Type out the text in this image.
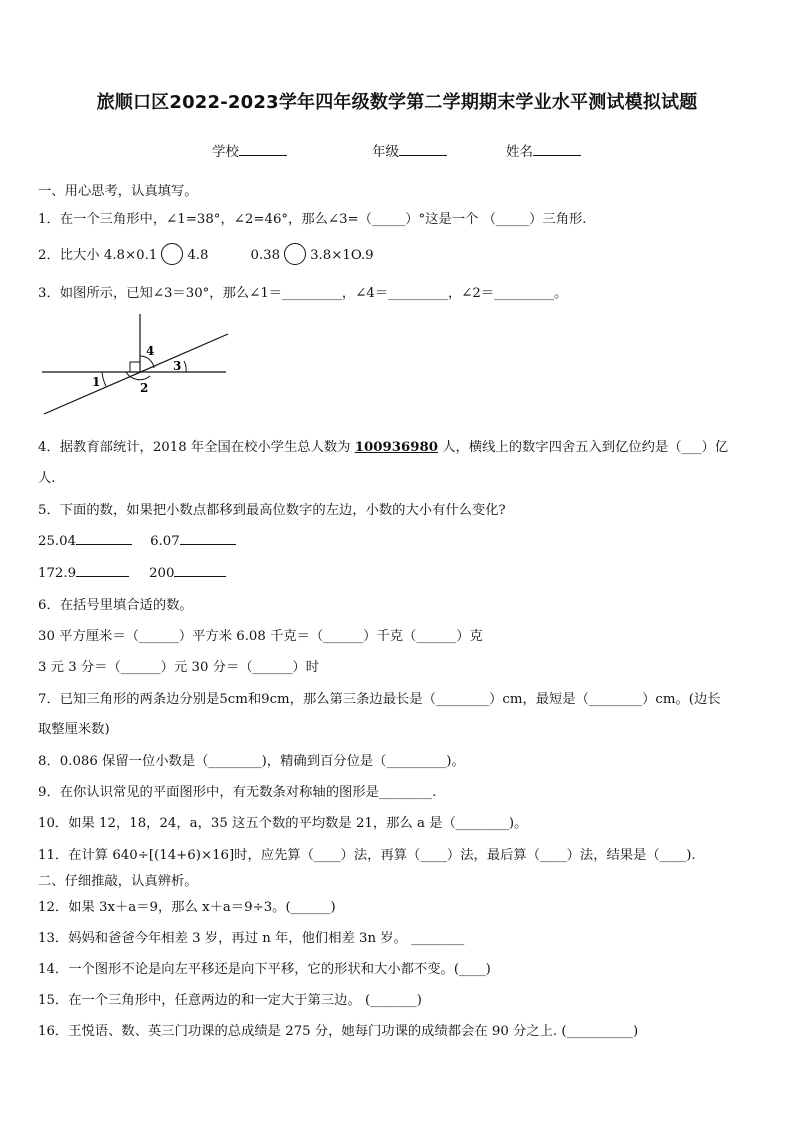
旅顺口区2022-2023学年四年级数学第二学期期末学业水平测试模拟试题
学校	年级	姓名
一、用心思考，认真填写。
1．在一个三角形中，∠1=38°，∠2=46°，那么∠3=（_____）°这是一个 （_____）三角形.
2．比大小 4.8×0.1 4.8	0.38 3.8×1O.9
3．如图所示，已知∠3＝30°，那么∠1＝_________，∠4＝_________，∠2＝_________。
1	2
3
4
4．据教育部统计，2018 年全国在校小学生总人数为 100936980 人，横线上的数字四舍五入到亿位约是（___）亿
人.
5．下面的数，如果把小数点都移到最高位数字的左边，小数的大小有什么变化?
25.04	6.07
172.9	200
6．在括号里填合适的数。
30 平方厘米＝（______）平方米 6.08 千克＝（______）千克（______）克
3 元 3 分＝（______）元 30 分＝（______）时
7．已知三角形的两条边分别是5cm和9cm，那么第三条边最长是（________）cm，最短是（________）cm。(边长
取整厘米数)
8．0.086 保留一位小数是（________)，精确到百分位是（_________)。
9．在你认识常见的平面图形中，有无数条对称轴的图形是________.
10．如果 12，18，24，a，35 这五个数的平均数是 21，那么 a 是（________)。
11．在计算 640÷[(14+6)×16]时，应先算（____）法，再算（____）法，最后算（____）法，结果是（____).
二、仔细推敲，认真辨析。
12．如果 3x＋a＝9，那么 x＋a＝9÷3。(______)
13．妈妈和爸爸今年相差 3 岁，再过 n 年，他们相差 3n 岁。 ________
14．一个图形不论是向左平移还是向下平移，它的形状和大小都不变。(____)
15．在一个三角形中，任意两边的和一定大于第三边。 (_______)
16．王悦语、数、英三门功课的总成绩是 275 分，她每门功课的成绩都会在 90 分之上. (__________)
